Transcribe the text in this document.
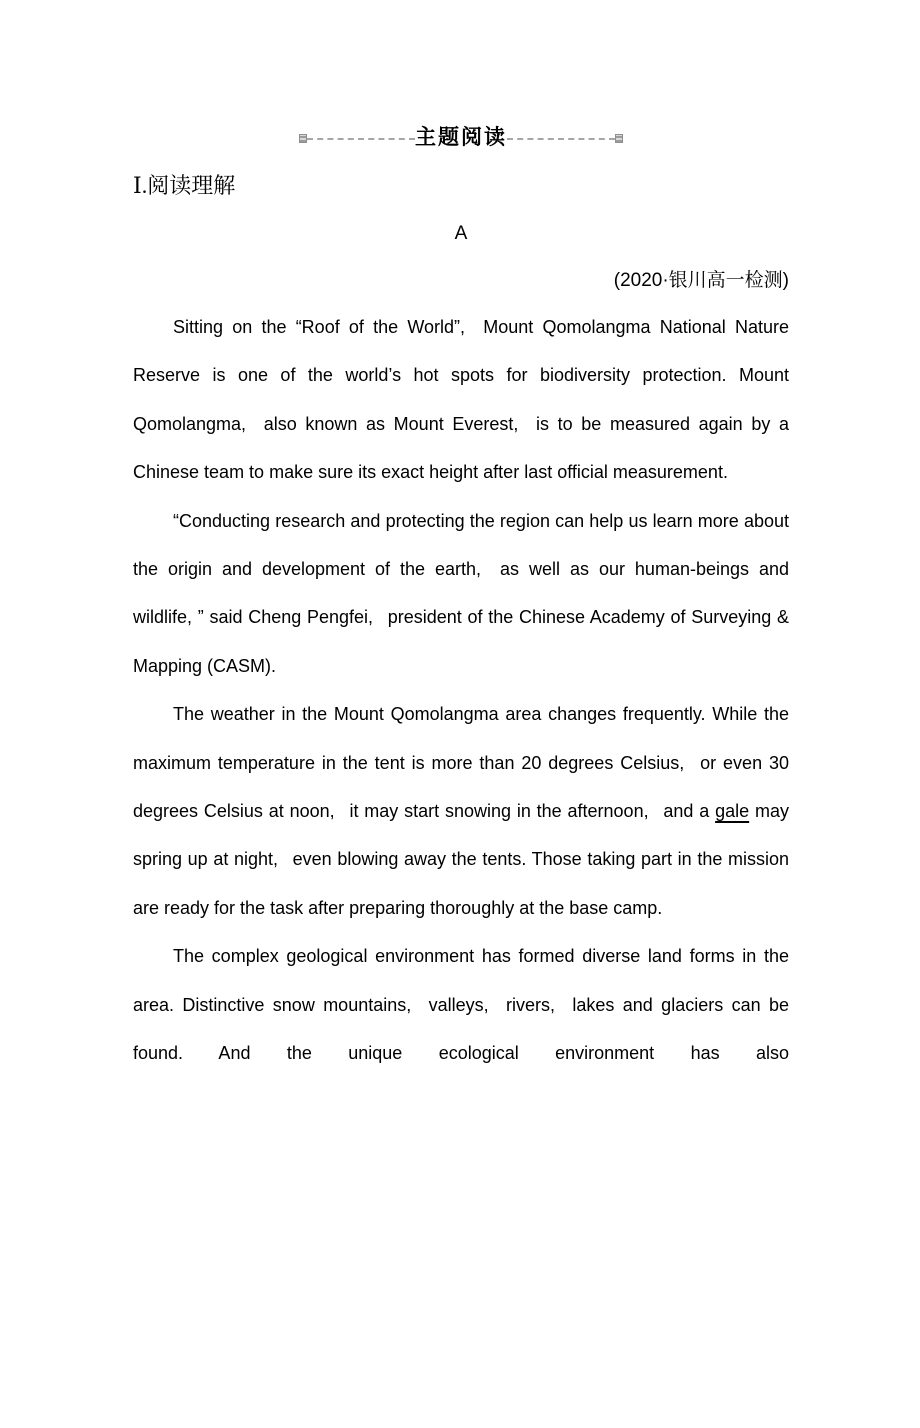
主题阅读
Ⅰ.阅读理解
A
(2020·银川高一检测)

Sitting on the “Roof of the World”,  Mount Qomolangma National Nature Reserve is one of the world’s hot spots for biodiversity protection. Mount Qomolangma,  also known as Mount Everest,  is to be measured again by a Chinese team to make sure its exact height after last official measurement.

“Conducting research and protecting the region can help us learn more about the origin and development of the earth,  as well as our human-beings and wildlife, ” said Cheng Pengfei,  president of the Chinese Academy of Surveying & Mapping (CASM).

The weather in the Mount Qomolangma area changes frequently. While the maximum temperature in the tent is more than 20 degrees Celsius,  or even 30 degrees Celsius at noon,  it may start snowing in the afternoon,  and a gale may spring up at night,  even blowing away the tents. Those taking part in the mission are ready for the task after preparing thoroughly at the base camp.

The complex geological environment has formed diverse land forms in the area. Distinctive snow mountains,  valleys,  rivers,  lakes and glaciers can be found. And the unique ecological environment has also
